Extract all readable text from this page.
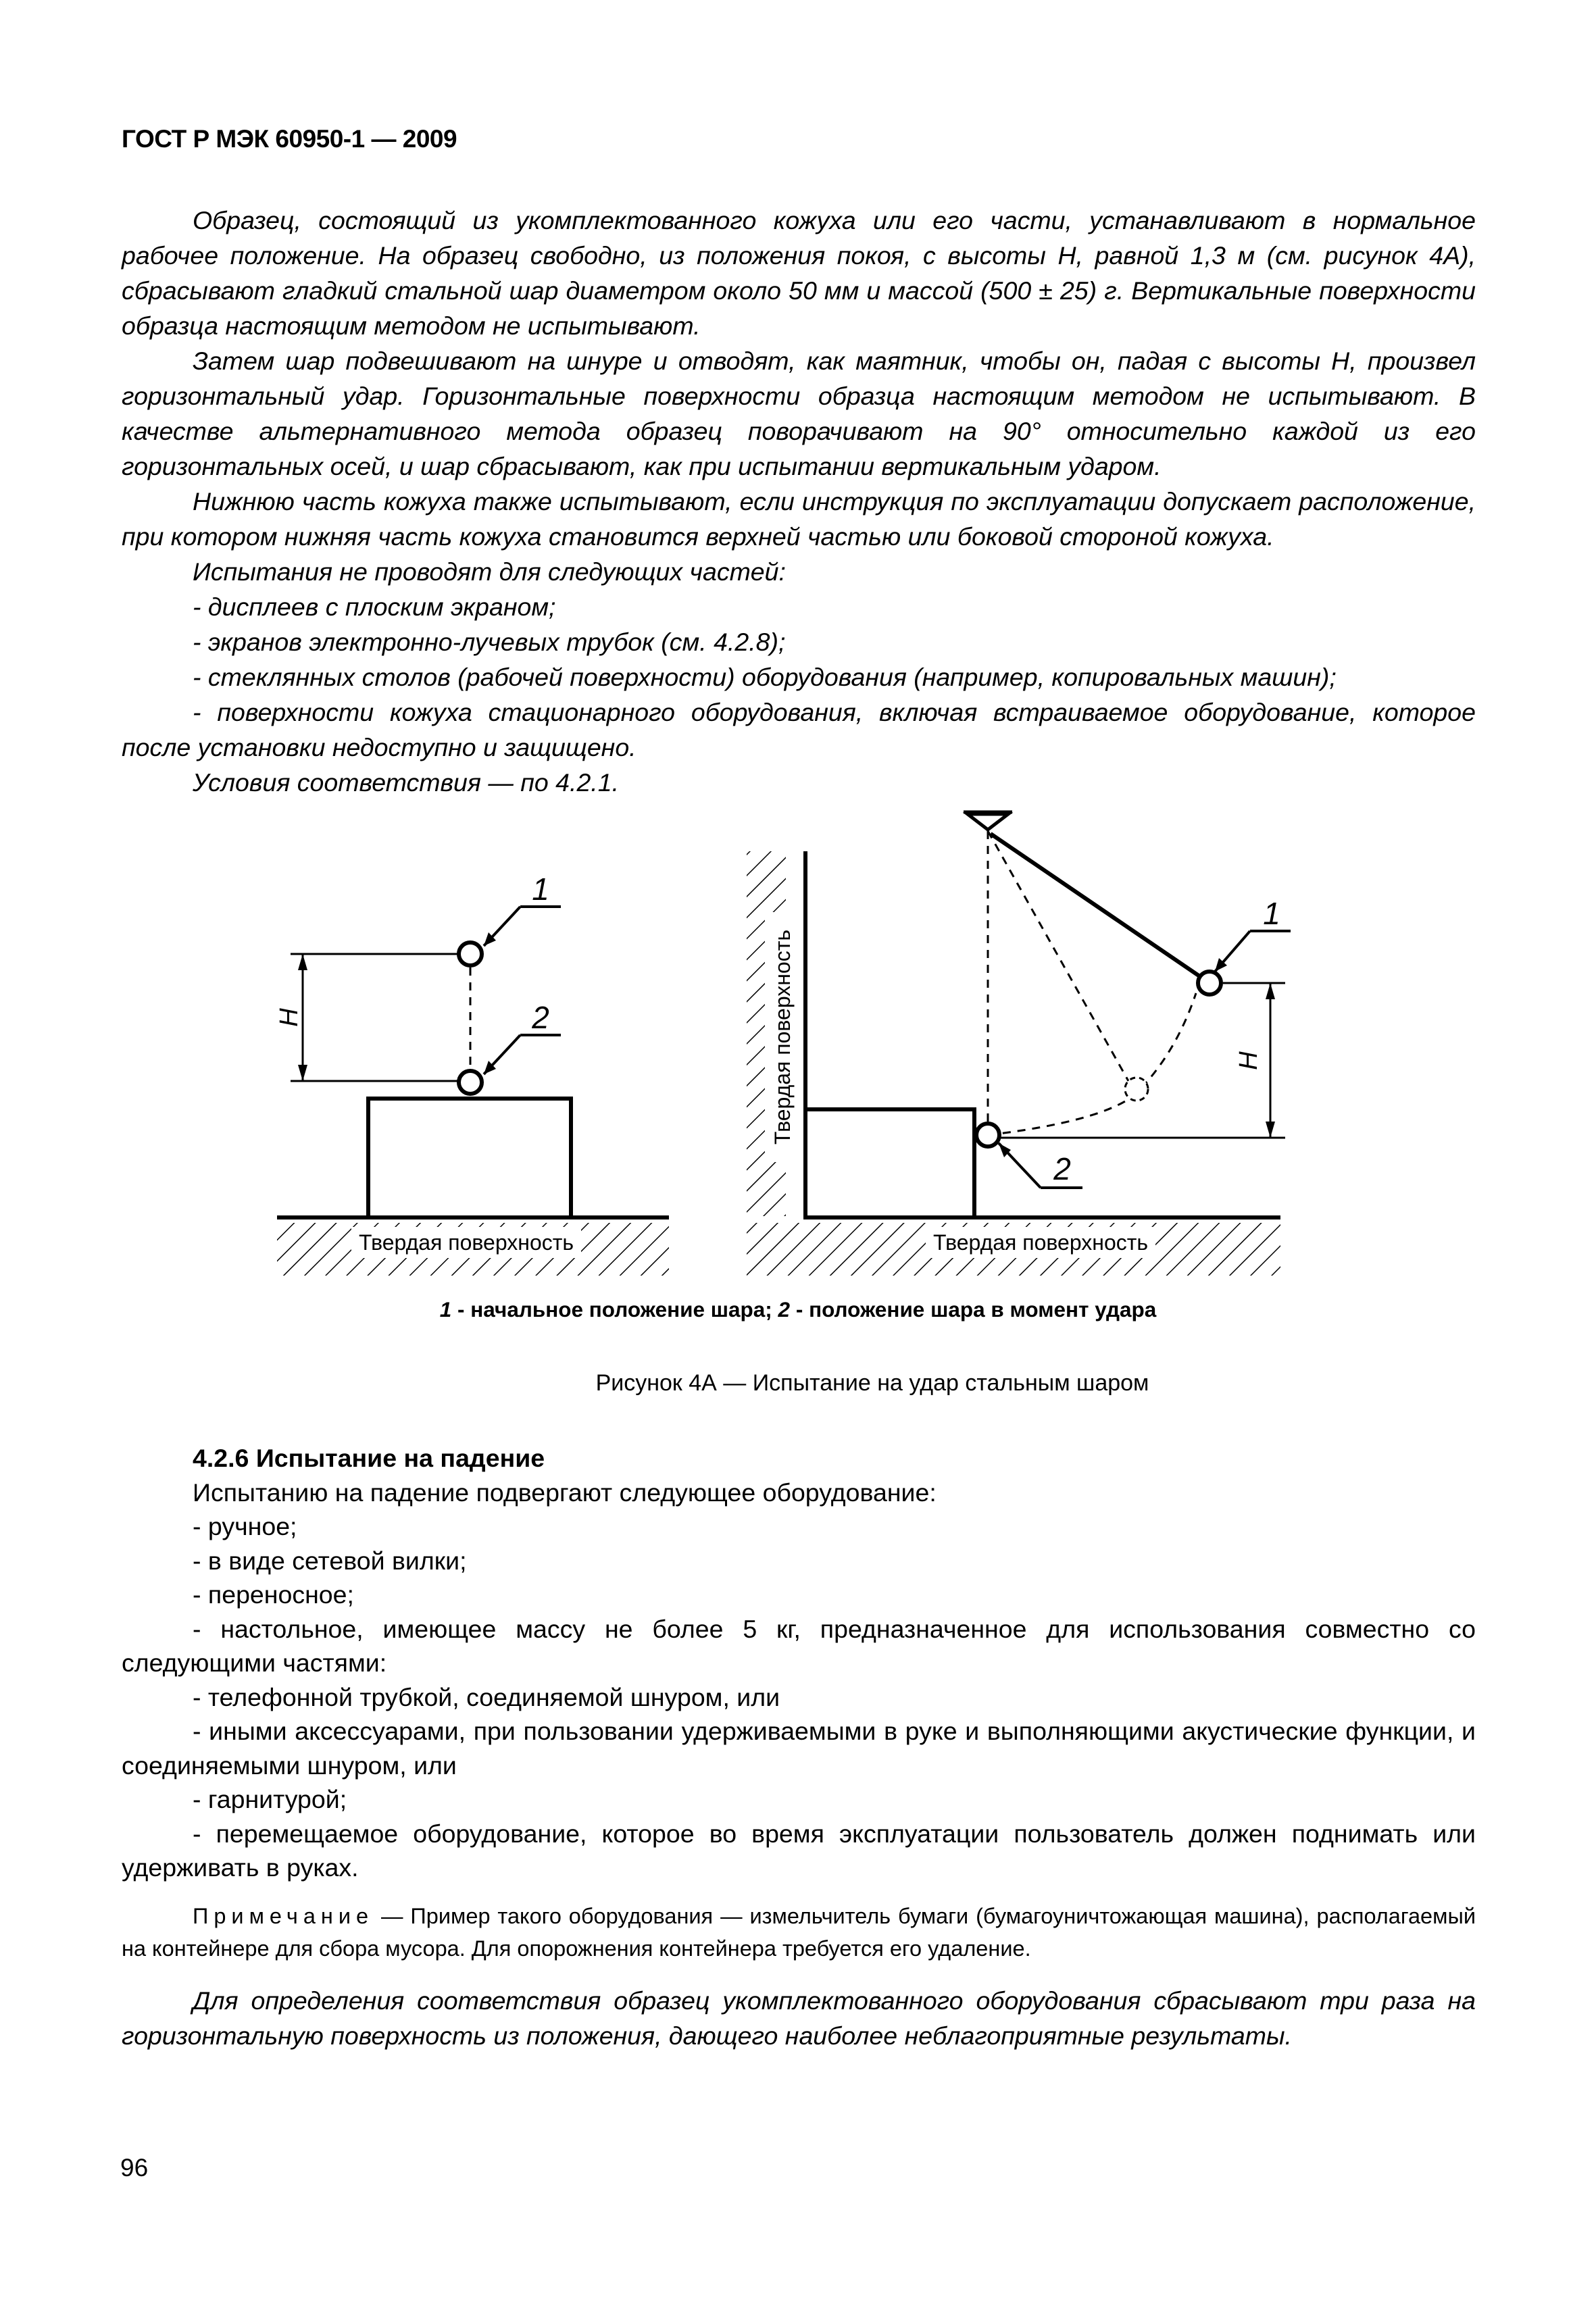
ГОСТ Р МЭК 60950-1 — 2009

Образец, состоящий из укомплектованного кожуха или его части, устанавливают в нормальное рабочее положение. На образец свободно, из положения покоя, с высоты Н, равной 1,3 м (см. рисунок 4А), сбрасывают гладкий стальной шар диаметром около 50 мм и массой (500 ± 25) г. Вертикальные поверхности образца настоящим методом не испытывают.

Затем шар подвешивают на шнуре и отводят, как маятник, чтобы он, падая с высоты Н, произвел горизонтальный удар. Горизонтальные поверхности образца настоящим методом не испытывают. В качестве альтернативного метода образец поворачивают на 90° относительно каждой из его горизонтальных осей, и шар сбрасывают, как при испытании вертикальным ударом.

Нижнюю часть кожуха также испытывают, если инструкция по эксплуатации допускает расположение, при котором нижняя часть кожуха становится верхней частью или боковой стороной кожуха.

Испытания не проводят для следующих частей:

- дисплеев с плоским экраном;

- экранов электронно-лучевых трубок (см. 4.2.8);

- стеклянных столов (рабочей поверхности) оборудования (например, копировальных машин);

- поверхности кожуха стационарного оборудования, включая встраиваемое оборудование, которое после установки недоступно и защищено.

Условия соответствия — по 4.2.1.

Твердая поверхность
H
1
2	Твердая поверхность
Твердая поверхность
H
1
2
1 - начальное положение шара; 2 - положение шара в момент удара
Рисунок 4А — Испытание на удар стальным шаром

4.2.6 Испытание на падение

Испытанию на падение подвергают следующее оборудование:

- ручное;

- в виде сетевой вилки;

- переносное;

- настольное, имеющее массу не более 5 кг, предназначенное для использования совместно со следующими частями:

- телефонной трубкой, соединяемой шнуром, или

- иными аксессуарами, при пользовании удерживаемыми в руке и выполняющими акустические функции, и соединяемыми шнуром, или

- гарнитурой;

- перемещаемое оборудование, которое во время эксплуатации пользователь должен поднимать или удерживать в руках.

Примечание — Пример такого оборудования — измельчитель бумаги (бумагоуничтожающая машина), располагаемый на контейнере для сбора мусора. Для опорожнения контейнера требуется его удаление.

Для определения соответствия образец укомплектованного оборудования сбрасывают три раза на горизонтальную поверхность из положения, дающего наиболее неблагоприятные результаты.

96
